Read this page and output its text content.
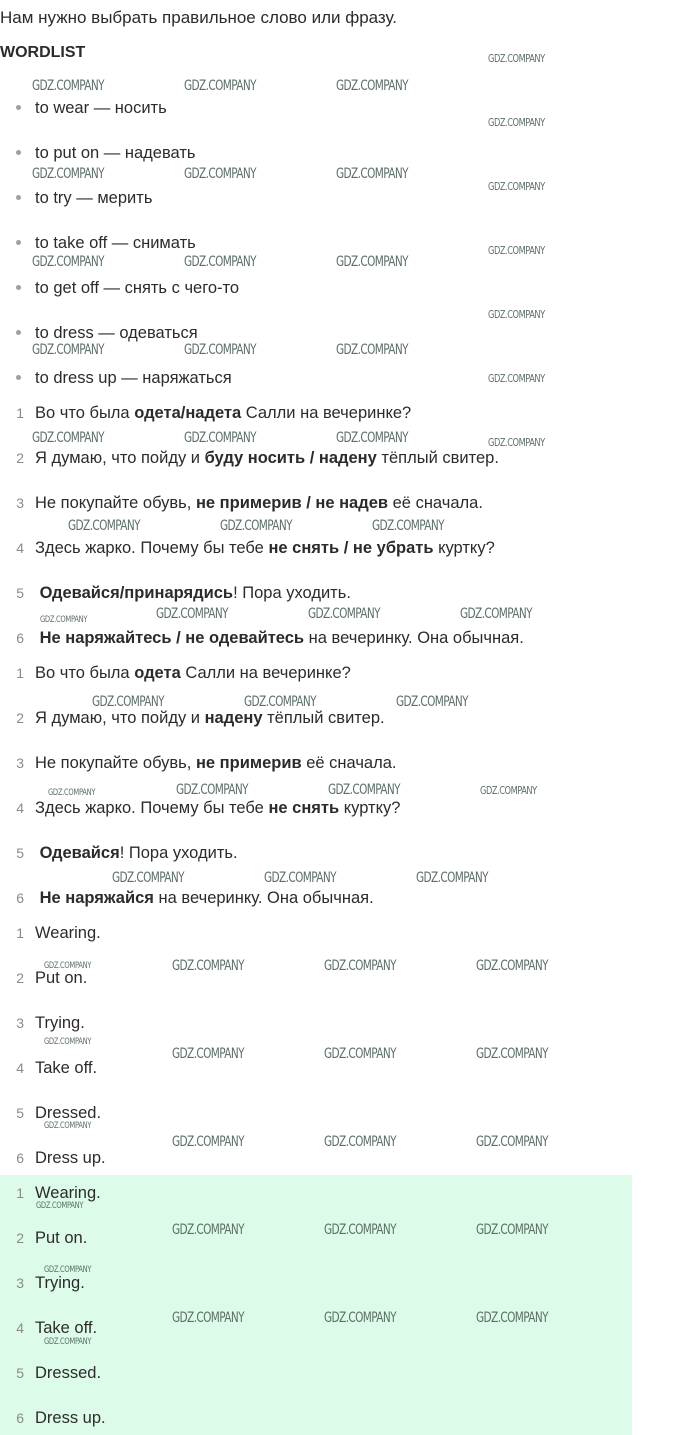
Нам нужно выбрать правильное слово или фразу.
WORDLIST
to wear — носить
to put on — надевать
to try — мерить
to take off — снимать
to get off — снять с чего-то
to dress — одеваться
to dress up — наряжаться
1 Во что была одета/надета Салли на вечеринке?
2 Я думаю, что пойду и буду носить / надену тёплый свитер.
3 Не покупайте обувь, не примерив / не надев её сначала.
4 Здесь жарко. Почему бы тебе не снять / не убрать куртку?
5 Одевайся/принарядись! Пора уходить.
6 Не наряжайтесь / не одевайтесь на вечеринку. Она обычная.
1 Во что была одета Салли на вечеринке?
2 Я думаю, что пойду и надену тёплый свитер.
3 Не покупайте обувь, не примерив её сначала.
4 Здесь жарко. Почему бы тебе не снять куртку?
5 Одевайся! Пора уходить.
6 Не наряжайся на вечеринку. Она обычная.
1 Wearing.
2 Put on.
3 Trying.
4 Take off.
5 Dressed.
6 Dress up.
1 Wearing.
2 Put on.
3 Trying.
4 Take off.
5 Dressed.
6 Dress up.
GDZ.COMPANY
GDZ.COMPANY	GDZ.COMPANY	GDZ.COMPANY
GDZ.COMPANY
GDZ.COMPANY	GDZ.COMPANY	GDZ.COMPANY
GDZ.COMPANY
GDZ.COMPANY
GDZ.COMPANY	GDZ.COMPANY	GDZ.COMPANY
GDZ.COMPANY
GDZ.COMPANY	GDZ.COMPANY	GDZ.COMPANY
GDZ.COMPANY
GDZ.COMPANY	GDZ.COMPANY	GDZ.COMPANY	GDZ.COMPANY
GDZ.COMPANY	GDZ.COMPANY	GDZ.COMPANY
GDZ.COMPANY	GDZ.COMPANY	GDZ.COMPANY	GDZ.COMPANY
GDZ.COMPANY	GDZ.COMPANY	GDZ.COMPANY
GDZ.COMPANY	GDZ.COMPANY	GDZ.COMPANY	GDZ.COMPANY
GDZ.COMPANY	GDZ.COMPANY	GDZ.COMPANY
GDZ.COMPANY	GDZ.COMPANY	GDZ.COMPANY	GDZ.COMPANY
GDZ.COMPANY
GDZ.COMPANY	GDZ.COMPANY	GDZ.COMPANY
GDZ.COMPANY
GDZ.COMPANY	GDZ.COMPANY	GDZ.COMPANY
GDZ.COMPANY
GDZ.COMPANY	GDZ.COMPANY	GDZ.COMPANY
GDZ.COMPANY
GDZ.COMPANY	GDZ.COMPANY	GDZ.COMPANY
GDZ.COMPANY
